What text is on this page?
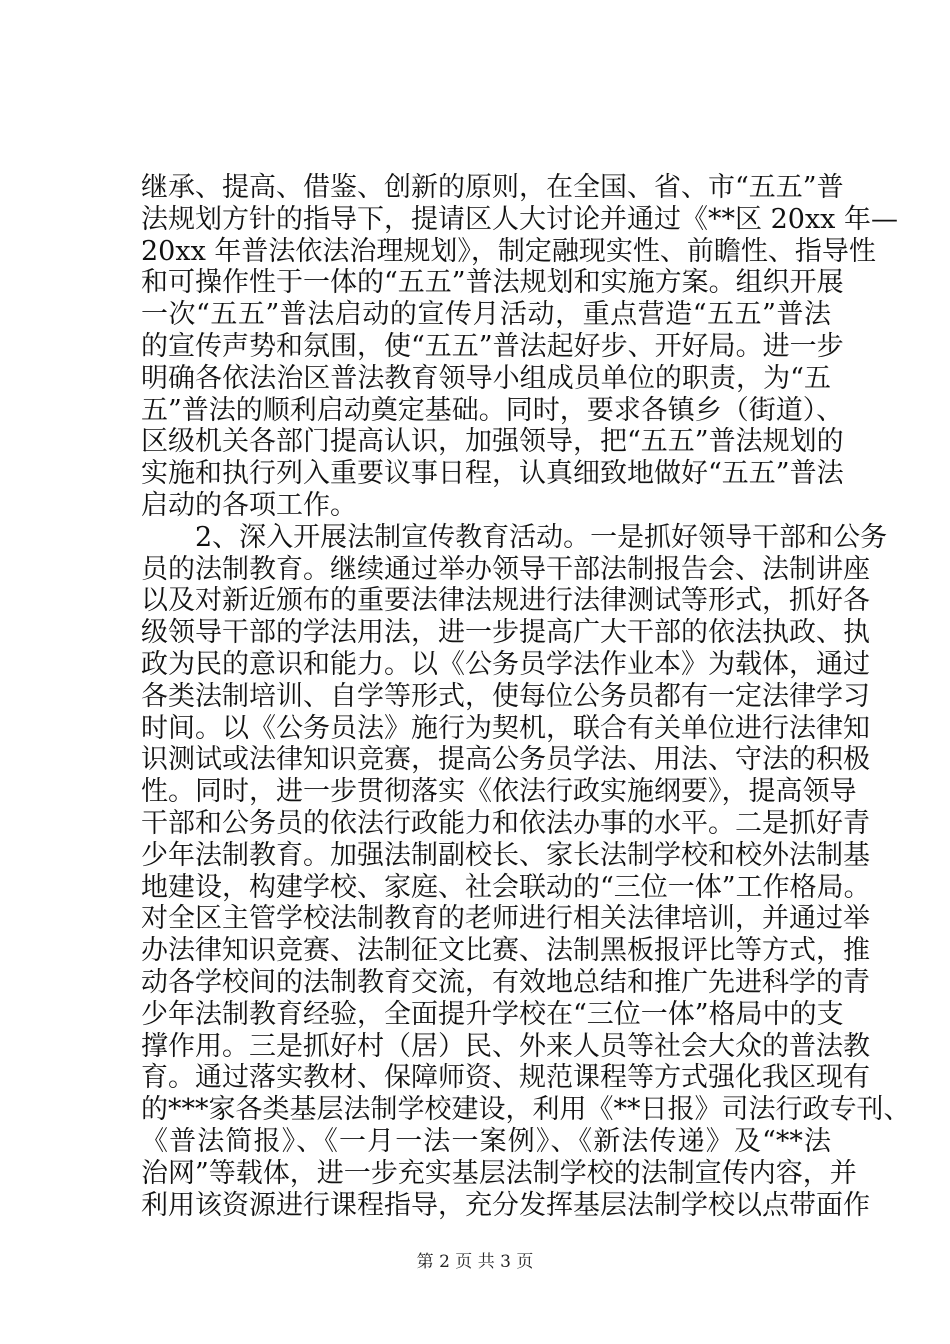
继承、提高、借鉴、创新的原则，在全国、省、市“五五”普
法规划方针的指导下，提请区人大讨论并通过《**区 20xx 年—
20xx 年普法依法治理规划》，制定融现实性、前瞻性、指导性
和可操作性于一体的“五五”普法规划和实施方案。组织开展
一次“五五”普法启动的宣传月活动，重点营造“五五”普法
的宣传声势和氛围，使“五五”普法起好步、开好局。进一步
明确各依法治区普法教育领导小组成员单位的职责，为“五
五”普法的顺利启动奠定基础。同时，要求各镇乡（街道）、
区级机关各部门提高认识，加强领导，把“五五”普法规划的
实施和执行列入重要议事日程，认真细致地做好“五五”普法
启动的各项工作。
2、深入开展法制宣传教育活动。一是抓好领导干部和公务
员的法制教育。继续通过举办领导干部法制报告会、法制讲座
以及对新近颁布的重要法律法规进行法律测试等形式，抓好各
级领导干部的学法用法，进一步提高广大干部的依法执政、执
政为民的意识和能力。以《公务员学法作业本》为载体，通过
各类法制培训、自学等形式，使每位公务员都有一定法律学习
时间。以《公务员法》施行为契机，联合有关单位进行法律知
识测试或法律知识竞赛，提高公务员学法、用法、守法的积极
性。同时，进一步贯彻落实《依法行政实施纲要》，提高领导
干部和公务员的依法行政能力和依法办事的水平。二是抓好青
少年法制教育。加强法制副校长、家长法制学校和校外法制基
地建设，构建学校、家庭、社会联动的“三位一体”工作格局。
对全区主管学校法制教育的老师进行相关法律培训，并通过举
办法律知识竞赛、法制征文比赛、法制黑板报评比等方式，推
动各学校间的法制教育交流，有效地总结和推广先进科学的青
少年法制教育经验，全面提升学校在“三位一体”格局中的支
撑作用。三是抓好村（居）民、外来人员等社会大众的普法教
育。通过落实教材、保障师资、规范课程等方式强化我区现有
的***家各类基层法制学校建设，利用《**日报》司法行政专刊、
《普法简报》、《一月一法一案例》、《新法传递》及“**法
治网”等载体，进一步充实基层法制学校的法制宣传内容，并
利用该资源进行课程指导，充分发挥基层法制学校以点带面作
第 2 页 共 3 页
